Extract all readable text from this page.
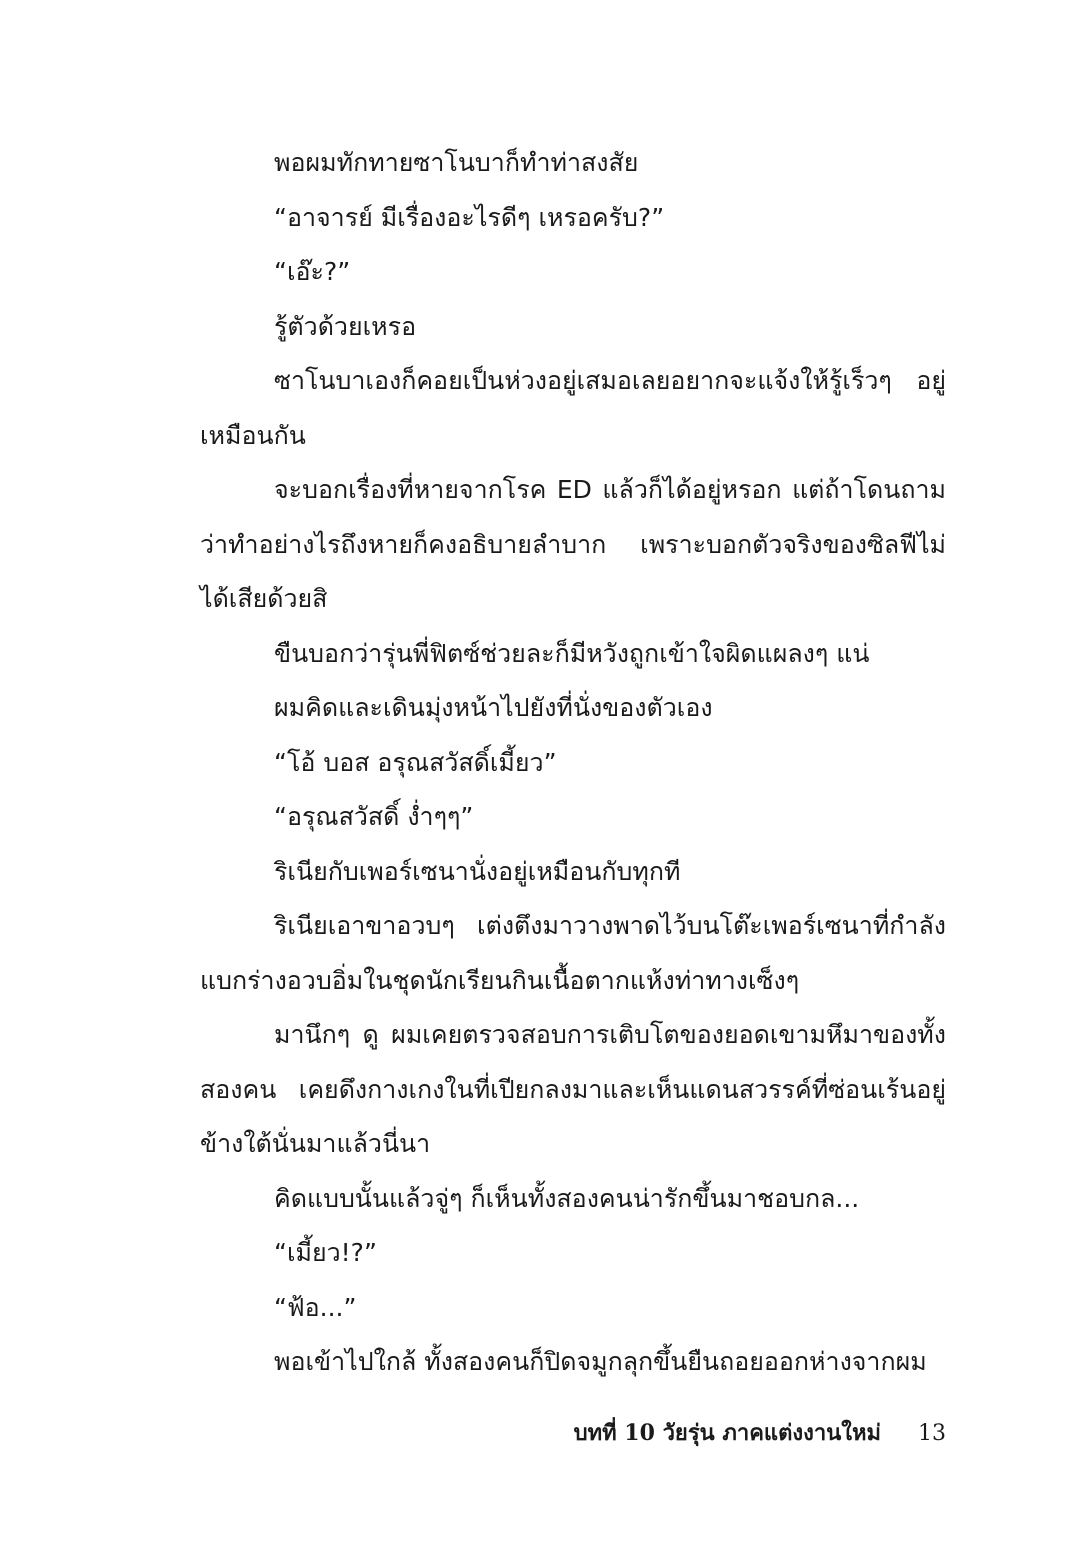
พอผมทักทายซาโนบาก็ทำท่าสงสัย

“อาจารย์ มีเรื่องอะไรดีๆ เหรอครับ?”

“เอ๊ะ?”

รู้ตัวด้วยเหรอ

ซาโนบาเองก็คอยเป็นห่วงอยู่เสมอเลยอยากจะแจ้งให้รู้เร็วๆ อยู่เหมือนกัน

จะบอกเรื่องที่หายจากโรค ED แล้วก็ได้อยู่หรอก แต่ถ้าโดนถามว่าทำอย่างไรถึงหายก็คงอธิบายลำบาก เพราะบอกตัวจริงของซิลฟีไม่ได้เสียด้วยสิ

ขืนบอกว่ารุ่นพี่ฟิตซ์ช่วยละก็มีหวังถูกเข้าใจผิดแผลงๆ แน่

ผมคิดและเดินมุ่งหน้าไปยังที่นั่งของตัวเอง

“โอ้ บอส อรุณสวัสดิ์เมี้ยว”

“อรุณสวัสดิ์ ง่ำๆๆ”

ริเนียกับเพอร์เซนานั่งอยู่เหมือนกับทุกที

ริเนียเอาขาอวบๆ เต่งตึงมาวางพาดไว้บนโต๊ะเพอร์เซนาที่กำลังแบกร่างอวบอิ่มในชุดนักเรียนกินเนื้อตากแห้งท่าทางเซ็งๆ

มานึกๆ ดู ผมเคยตรวจสอบการเติบโตของยอดเขามหึมาของทั้งสองคน เคยดึงกางเกงในที่เปียกลงมาและเห็นแดนสวรรค์ที่ซ่อนเร้นอยู่ข้างใต้นั่นมาแล้วนี่นา

คิดแบบนั้นแล้วจู่ๆ ก็เห็นทั้งสองคนน่ารักขึ้นมาชอบกล...

“เมี้ยว!?”

“ฟ้อ...”

พอเข้าไปใกล้ ทั้งสองคนก็ปิดจมูกลุกขึ้นยืนถอยออกห่างจากผม

บทที่ 10 วัยรุ่น ภาคแต่งงานใหม่ 13
